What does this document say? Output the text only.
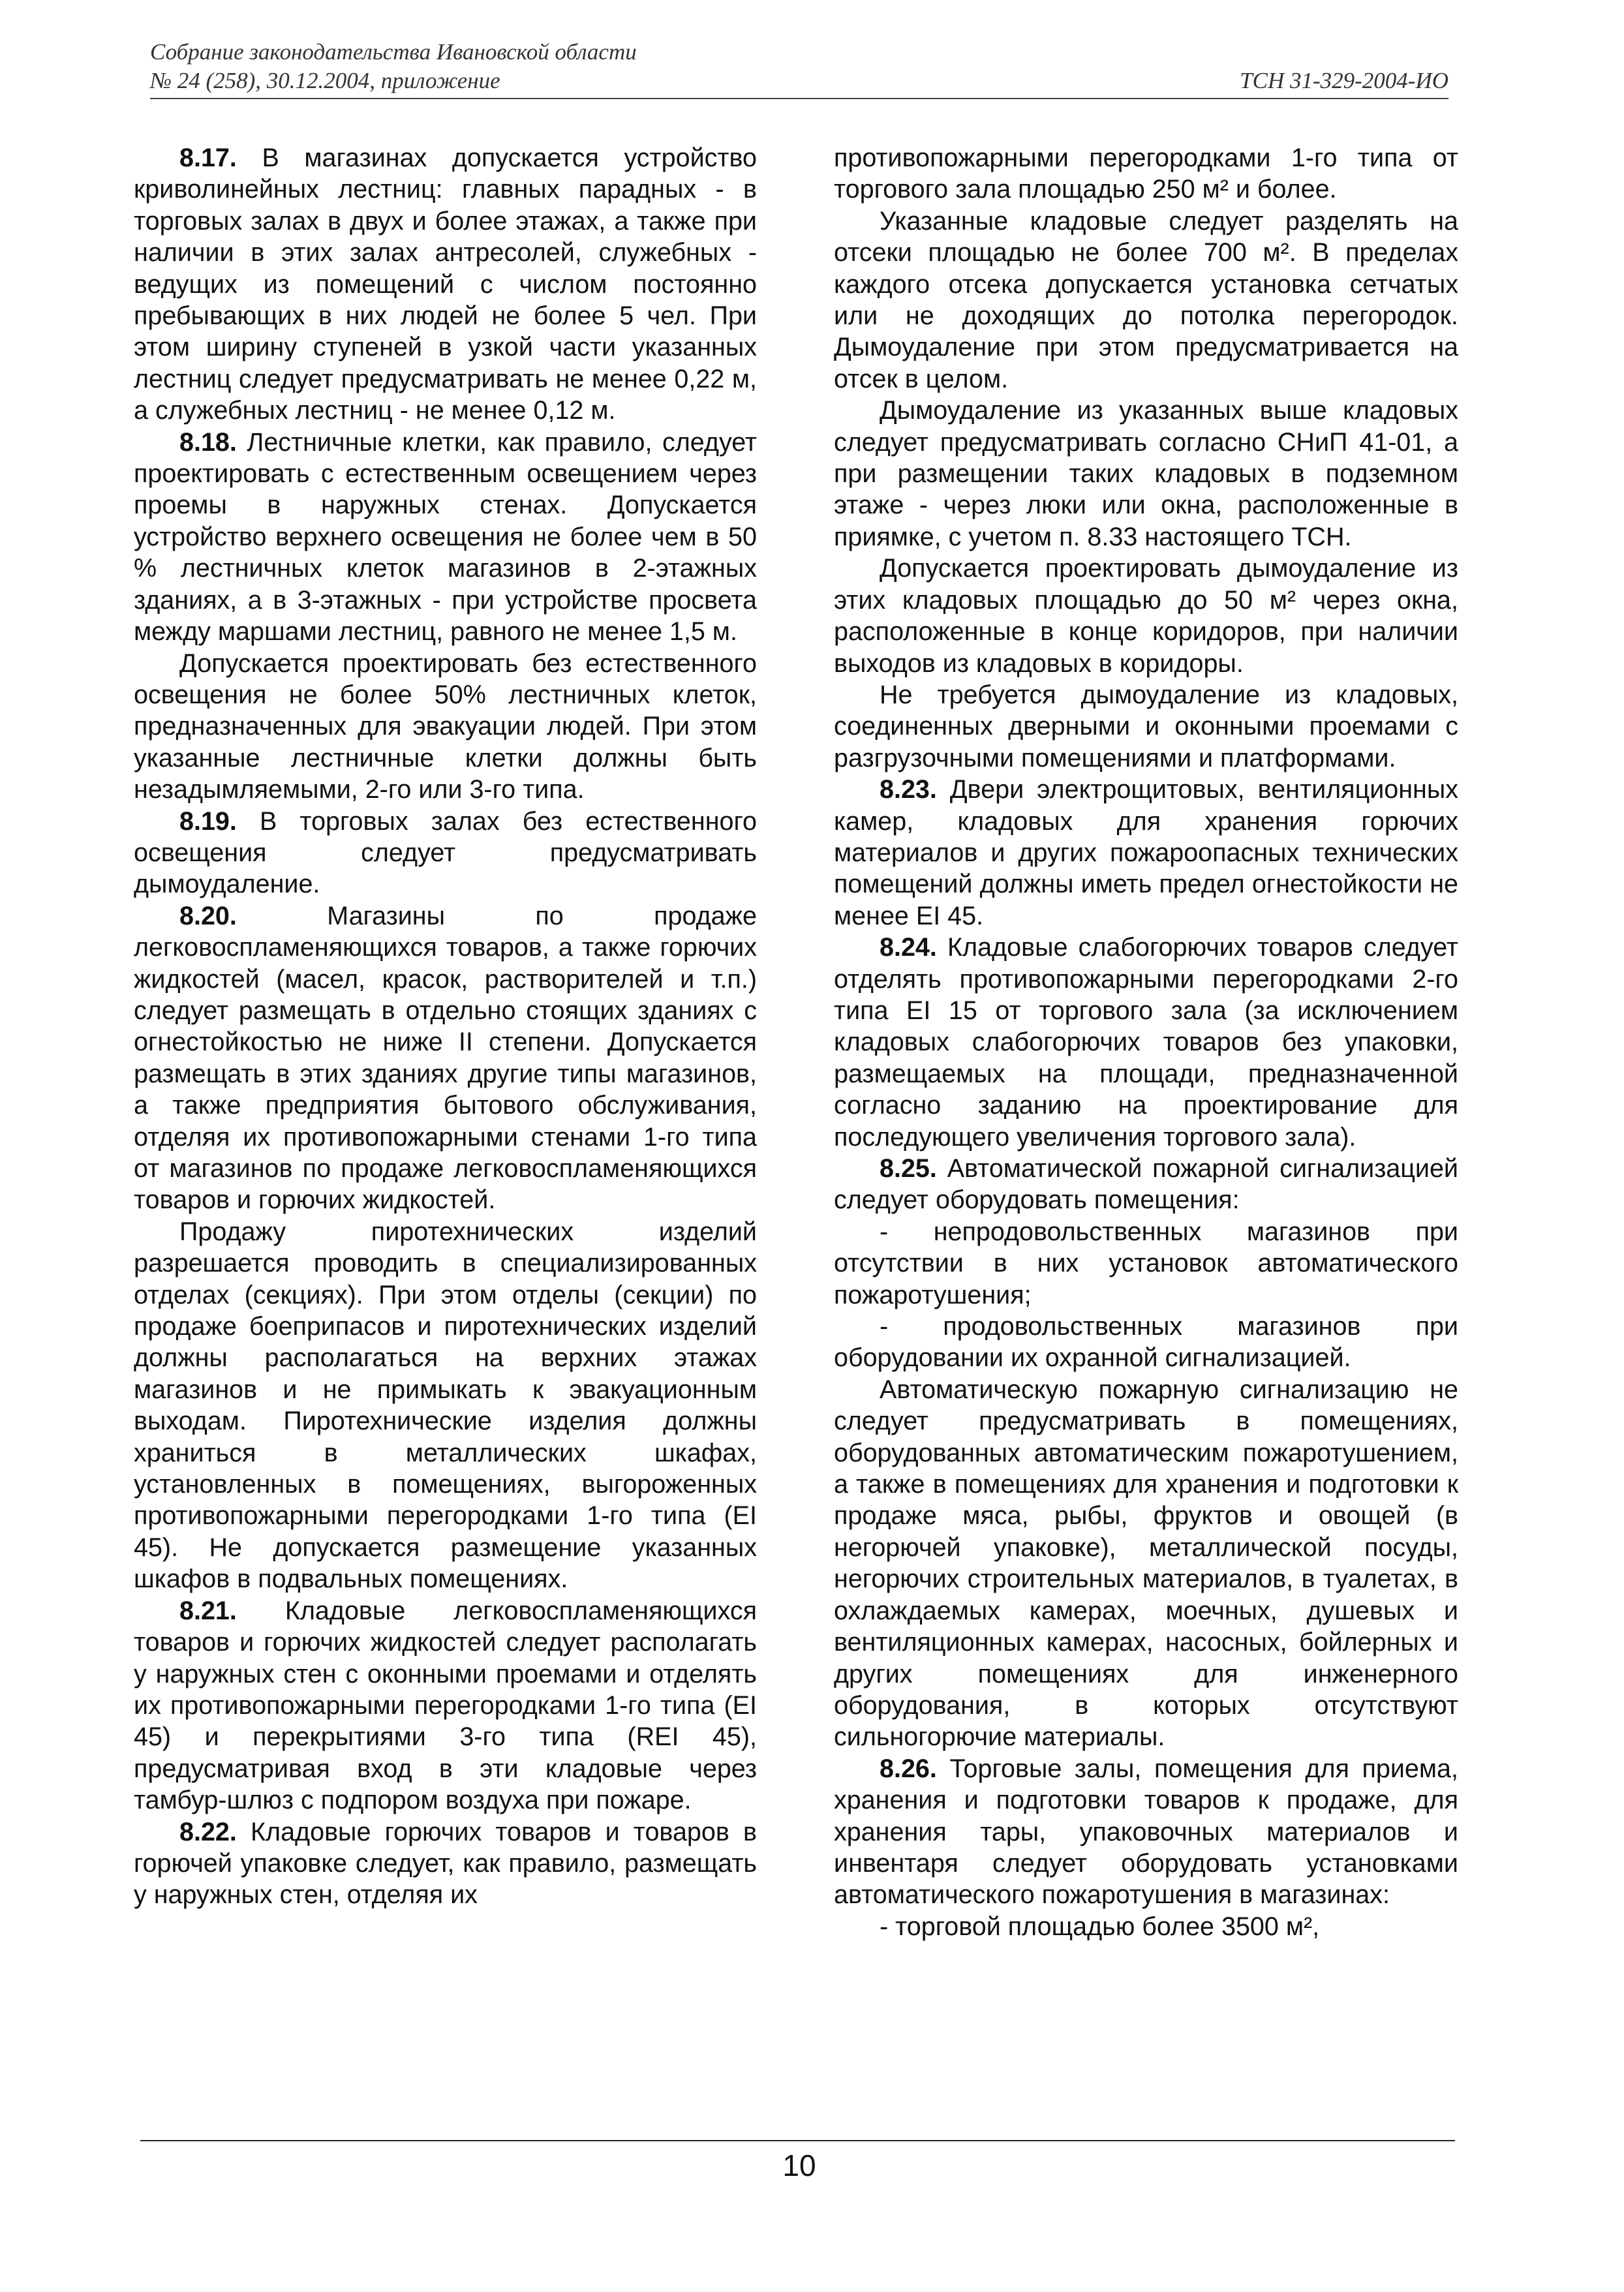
Собрание законодательства Ивановской области
№ 24 (258), 30.12.2004, приложение	ТСН 31-329-2004-ИО

8.17. В магазинах допускается устройство криволинейных лестниц: главных парадных - в торговых залах в двух и более этажах, а также при наличии в этих залах антресолей, служебных - ведущих из помещений с числом постоянно пребывающих в них людей не более 5 чел. При этом ширину ступеней в узкой части указанных лестниц следует предусматривать не менее 0,22 м, а служебных лестниц - не менее 0,12 м.

8.18. Лестничные клетки, как правило, следует проектировать с естественным освещением через проемы в наружных стенах. Допускается устройство верхнего освещения не более чем в 50 % лестничных клеток магазинов в 2-этажных зданиях, а в 3-этажных - при устройстве просвета между маршами лестниц, равного не менее 1,5 м.

Допускается проектировать без естественного освещения не более 50% лестничных клеток, предназначенных для эвакуации людей. При этом указанные лестничные клетки должны быть незадымляемыми, 2-го или 3-го типа.

8.19. В торговых залах без естественного освещения следует предусматривать дымоудаление.

8.20. Магазины по продаже легковоспламеняющихся товаров, а также горючих жидкостей (масел, красок, растворителей и т.п.) следует размещать в отдельно стоящих зданиях с огнестойкостью не ниже II степени. Допускается размещать в этих зданиях другие типы магазинов, а также предприятия бытового обслуживания, отделяя их противопожарными стенами 1-го типа от магазинов по продаже легковоспламеняющихся товаров и горючих жидкостей.

Продажу пиротехнических изделий разрешается проводить в специализированных отделах (секциях). При этом отделы (секции) по продаже боеприпасов и пиротехнических изделий должны располагаться на верхних этажах магазинов и не примыкать к эвакуационным выходам. Пиротехнические изделия должны храниться в металлических шкафах, установленных в помещениях, выгороженных противопожарными перегородками 1-го типа (EI 45). Не допускается размещение указанных шкафов в подвальных помещениях.

8.21. Кладовые легковоспламеняющихся товаров и горючих жидкостей следует располагать у наружных стен с оконными проемами и отделять их противопожарными перегородками 1-го типа (EI 45) и перекрытиями 3-го типа (REI 45), предусматривая вход в эти кладовые через тамбур-шлюз с подпором воздуха при пожаре.

8.22. Кладовые горючих товаров и товаров в горючей упаковке следует, как правило, размещать у наружных стен, отделяя их

противопожарными перегородками 1-го типа от торгового зала площадью 250 м² и более.

Указанные кладовые следует разделять на отсеки площадью не более 700 м². В пределах каждого отсека допускается установка сетчатых или не доходящих до потолка перегородок. Дымоудаление при этом предусматривается на отсек в целом.

Дымоудаление из указанных выше кладовых следует предусматривать согласно СНиП 41-01, а при размещении таких кладовых в подземном этаже - через люки или окна, расположенные в приямке, с учетом п. 8.33 настоящего ТСН.

Допускается проектировать дымоудаление из этих кладовых площадью до 50 м² через окна, расположенные в конце коридоров, при наличии выходов из кладовых в коридоры.

Не требуется дымоудаление из кладовых, соединенных дверными и оконными проемами с разгрузочными помещениями и платформами.

8.23. Двери электрощитовых, вентиляционных камер, кладовых для хранения горючих материалов и других пожароопасных технических помещений должны иметь предел огнестойкости не менее EI 45.

8.24. Кладовые слабогорючих товаров следует отделять противопожарными перегородками 2-го типа EI 15 от торгового зала (за исключением кладовых слабогорючих товаров без упаковки, размещаемых на площади, предназначенной согласно заданию на проектирование для последующего увеличения торгового зала).

8.25. Автоматической пожарной сигнализацией следует оборудовать помещения:

- непродовольственных магазинов при отсутствии в них установок автоматического пожаротушения;

- продовольственных магазинов при оборудовании их охранной сигнализацией.

Автоматическую пожарную сигнализацию не следует предусматривать в помещениях, оборудованных автоматическим пожаротушением, а также в помещениях для хранения и подготовки к продаже мяса, рыбы, фруктов и овощей (в негорючей упаковке), металлической посуды, негорючих строительных материалов, в туалетах, в охлаждаемых камерах, моечных, душевых и вентиляционных камерах, насосных, бойлерных и других помещениях для инженерного оборудования, в которых отсутствуют сильногорючие материалы.

8.26. Торговые залы, помещения для приема, хранения и подготовки товаров к продаже, для хранения тары, упаковочных материалов и инвентаря следует оборудовать установками автоматического пожаротушения в магазинах:

- торговой площадью более 3500 м²,

10
